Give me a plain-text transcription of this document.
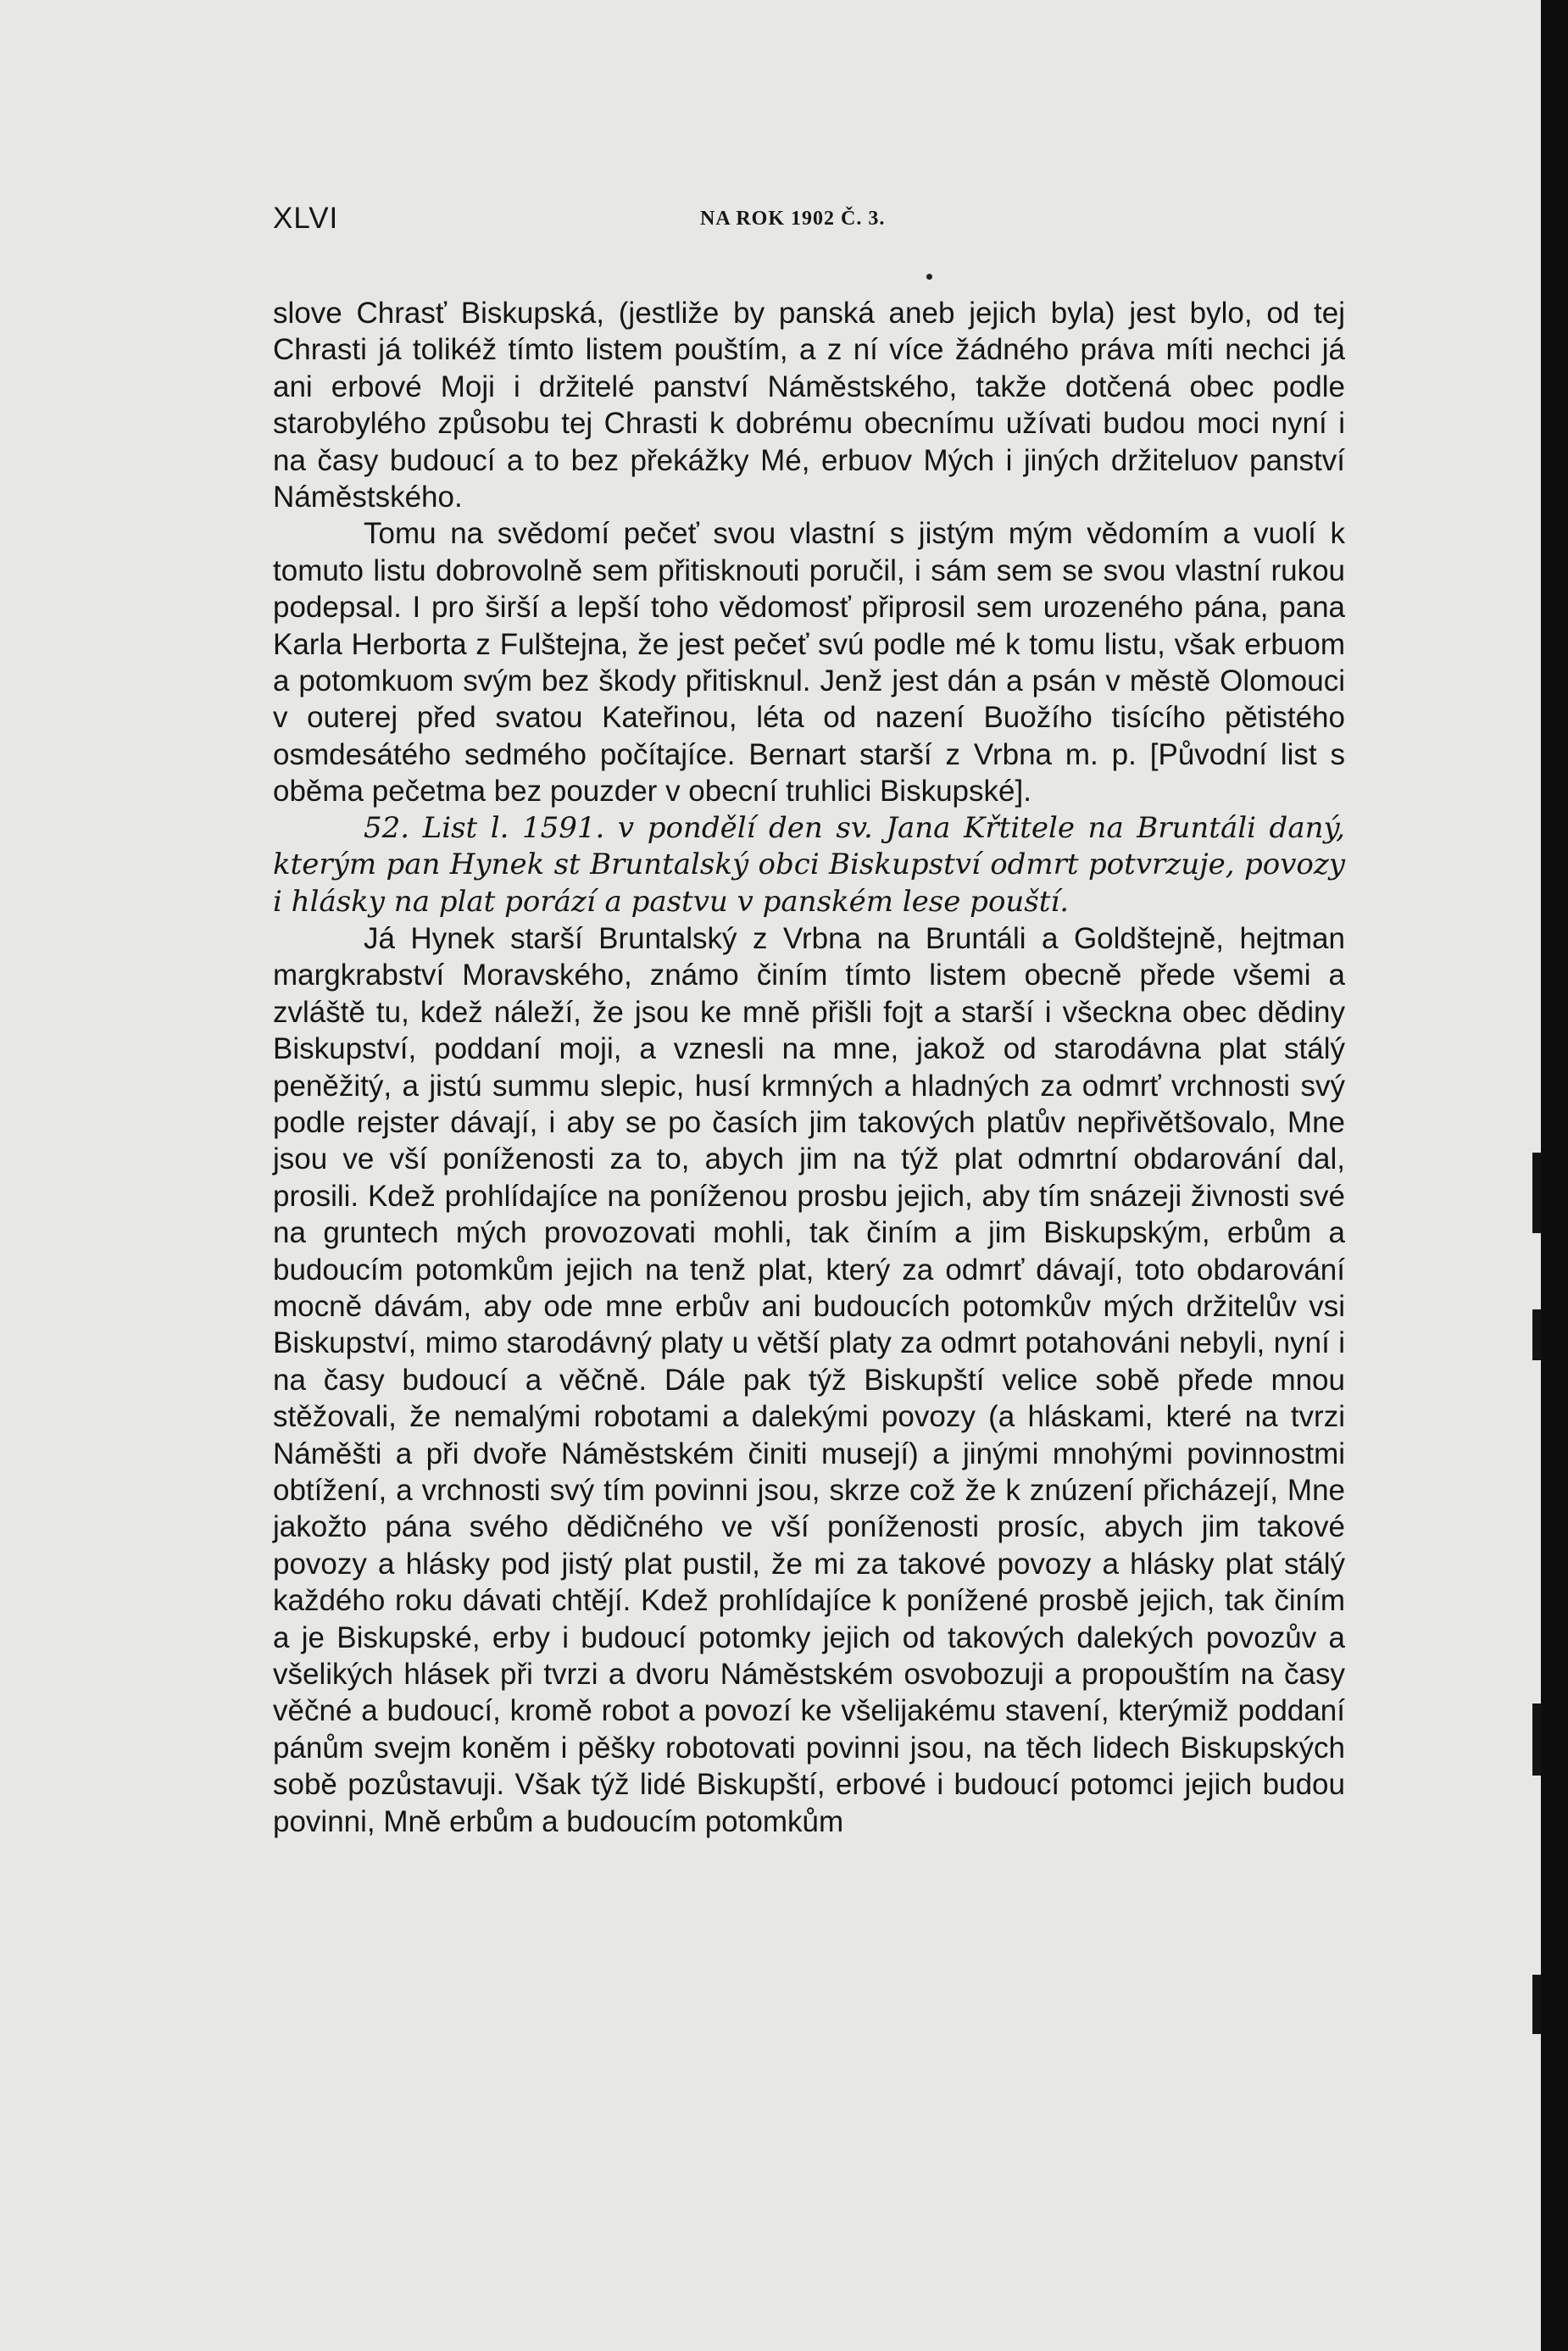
XLVI	NA ROK 1902 Č. 3.

slove Chrasť Biskupská, (jestliže by panská aneb jejich byla) jest bylo, od tej Chrasti já tolikéž tímto listem pouštím, a z ní více žádného práva míti nechci já ani erbové Moji i držitelé panství Náměstského, takže dotčená obec podle starobylého způsobu tej Chrasti k dobrému obecnímu užívati budou moci nyní i na časy budoucí a to bez překážky Mé, erbuov Mých i jiných držiteluov panství Náměstského.

Tomu na svědomí pečeť svou vlastní s jistým mým vědomím a vuolí k tomuto listu dobrovolně sem přitisknouti poručil, i sám sem se svou vlastní rukou podepsal. I pro širší a lepší toho vědomosť připrosil sem urozeného pána, pana Karla Herborta z Fulštejna, že jest pečeť svú podle mé k tomu listu, však erbuom a potomkuom svým bez škody přitisknul. Jenž jest dán a psán v městě Olomouci v outerej před svatou Kateřinou, léta od nazení Buožího tisícího pětistého osmdesátého sedmého počítajíce. Bernart starší z Vrbna m. p. [Původní list s oběma pečetma bez pouzder v obecní truhlici Biskupské].

52. List l. 1591. v pondělí den sv. Jana Křtitele na Bruntáli daný, kterým pan Hynek st Bruntalský obci Biskupství odmrt potvrzuje, povozy i hlásky na plat porází a pastvu v panském lese pouští.

Já Hynek starší Bruntalský z Vrbna na Bruntáli a Goldštejně, hejtman margkrabství Moravského, známo činím tímto listem obecně přede všemi a zvláště tu, kdež náleží, že jsou ke mně přišli fojt a starší i všeckna obec dědiny Biskupství, poddaní moji, a vznesli na mne, jakož od starodávna plat stálý peněžitý, a jistú summu slepic, husí krmných a hladných za odmrť vrchnosti svý podle rejster dávají, i aby se po časích jim takových platův nepřivětšovalo, Mne jsou ve vší poníženosti za to, abych jim na týž plat odmrtní obdarování dal, prosili. Kdež prohlídajíce na poníženou prosbu jejich, aby tím snázeji živnosti své na gruntech mých provozovati mohli, tak činím a jim Biskupským, erbům a budoucím potomkům jejich na tenž plat, který za odmrť dávají, toto obdarování mocně dávám, aby ode mne erbův ani budoucích potomkův mých držitelův vsi Biskupství, mimo starodávný platy u větší platy za odmrt potahováni nebyli, nyní i na časy budoucí a věčně. Dále pak týž Biskupští velice sobě přede mnou stěžovali, že nemalými robotami a dalekými povozy (a hláskami, které na tvrzi Náměšti a při dvoře Náměstském činiti musejí) a jinými mnohými povinnostmi obtížení, a vrchnosti svý tím povinni jsou, skrze což že k znúzení přicházejí, Mne jakožto pána svého dědičného ve vší poníženosti prosíc, abych jim takové povozy a hlásky pod jistý plat pustil, že mi za takové povozy a hlásky plat stálý každého roku dávati chtějí. Kdež prohlídajíce k ponížené prosbě jejich, tak činím a je Biskupské, erby i budoucí potomky jejich od takových dalekých povozův a všelikých hlásek při tvrzi a dvoru Náměstském osvobozuji a propouštím na časy věčné a budoucí, kromě robot a povozí ke všelijakému stavení, kterýmiž poddaní pánům svejm koněm i pěšky robotovati povinni jsou, na těch lidech Biskupských sobě pozůstavuji. Však týž lidé Biskupští, erbové i budoucí potomci jejich budou povinni, Mně erbům a budoucím potomkům
